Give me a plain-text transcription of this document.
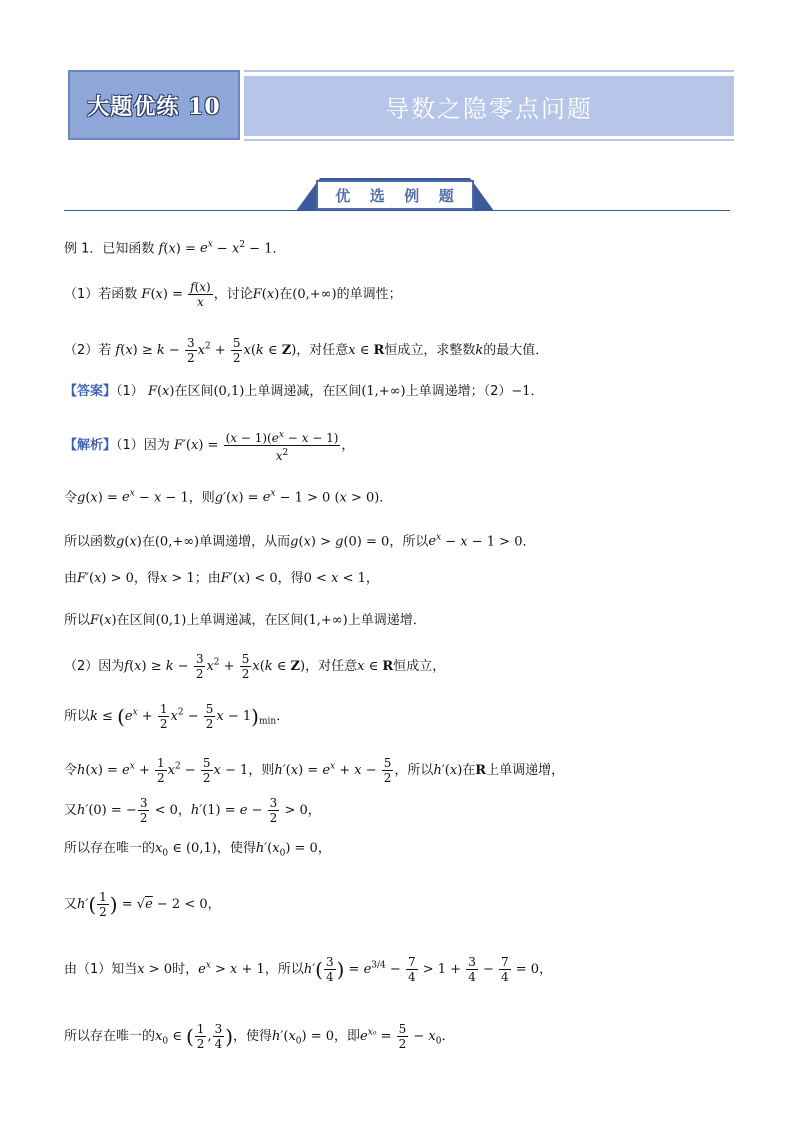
大题优练 10	导数之隐零点问题
优 选 例 题
例 1．已知函数 $f(x) = e^x - x^2 - 1$．
（1）若函数 $F(x) = \frac{f(x)}{x}$ ，讨论F(x)在(0,+∞)的单调性；
（2）若 $f(x) \ge k - \frac{3}{2} x^2 + \frac{5}{2} x(k$ ∈ Z)，对任意x ∈ R恒成立，求整数k的最大值．
【答案】（1） F(x)在区间(0,1)上单调递减，在区间(1,+∞)上单调递增；（2）−1．
【解析】（1）因为 $F'(x) = \frac{(x - 1)(e^x - x - 1)}{x^2}$ ，
令$g(x) = e^x - x - 1$，则$g'(x) = e^x - 1 > 0$ (x > 0)．
所以函数g(x)在(0,+∞)单调递增，从而g(x) > g(0) = 0，所以$e^x - x - 1 > 0$．
由F′(x) > 0，得x > 1；由F′(x) < 0，得0 < x < 1，
所以F(x)在区间(0,1)上单调递减，在区间(1,+∞)上单调递增．
（2）因为$f(x) \ge k - \frac{3}{2} x^2 + \frac{5}{2} x(k$ ∈ Z)，对任意x ∈ R恒成立，
所以$k \le (e^x + \frac{1}{2} x^2 - \frac{5}{2}$ $x - 1)_{min}$．
令$h(x) = e^x + \frac{1}{2} x^2 - \frac{5}{2}$ x − 1，则$h'(x) = e^x + x - \frac{5}{2}$ ，所以h′(x)在R上单调递增，
又h′(0) = − $\frac{3}{2} < 0$，$h'(1) = e - \frac{3}{2} > 0$，
所以存在唯一的$x_0$ ∈ (0,1)，使得$h'(x_0) = 0$，
又$h'( \frac{1}{2}$ ) = √e − 2 < 0，
由（1）知当x > 0时，$e^x > x + 1$，所以$h'( \frac{3}{4}$ ) = $e^{3/4} - \frac{7}{4} > 1 + \frac{3}{4} - \frac{7}{4} = 0$，
所以存在唯一的$x_0$ ∈ ( $\frac{1}{2}$ , $\frac{3}{4}$ )，使得$h'(x_0) = 0$，即$e^{x_0} = \frac{5}{2} - x_0$．
